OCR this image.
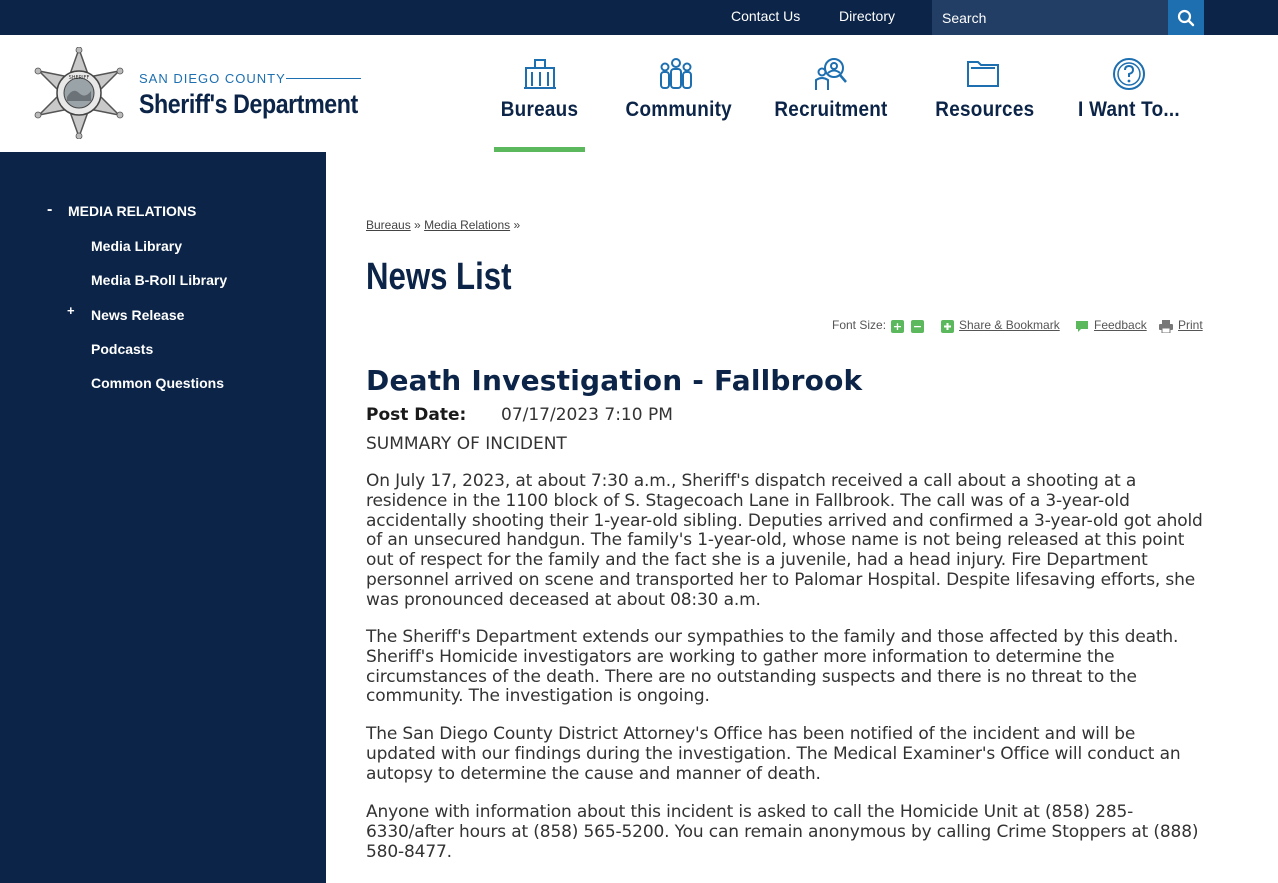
Contact Us	Directory
Search
SHERIFF	SAN DIEGO COUNTY
Sheriff's Department	Bureaus Community Recruitment Resources I Want To...
- MEDIA RELATIONS
Media Library
Media B-Roll Library
+ News Release
Podcasts
Common Questions
Bureaus » Media Relations »
News List
Font Size: + −	Share & Bookmark	Feedback	Print
Death Investigation - Fallbrook
Post Date: 07/17/2023 7:10 PM
SUMMARY OF INCIDENT

On July 17, 2023, at about 7:30 a.m., Sheriff's dispatch received a call about a shooting at a residence in the 1100 block of S. Stagecoach Lane in Fallbrook. The call was of a 3-year-old accidentally shooting their 1-year-old sibling. Deputies arrived and confirmed a 3-year-old got ahold of an unsecured handgun. The family's 1-year-old, whose name is not being released at this point out of respect for the family and the fact she is a juvenile, had a head injury. Fire Department personnel arrived on scene and transported her to Palomar Hospital. Despite lifesaving efforts, she was pronounced deceased at about 08:30 a.m.

The Sheriff's Department extends our sympathies to the family and those affected by this death. Sheriff's Homicide investigators are working to gather more information to determine the circumstances of the death. There are no outstanding suspects and there is no threat to the community. The investigation is ongoing.

The San Diego County District Attorney's Office has been notified of the incident and will be updated with our findings during the investigation. The Medical Examiner's Office will conduct an autopsy to determine the cause and manner of death.

Anyone with information about this incident is asked to call the Homicide Unit at (858) 285-6330/after hours at (858) 565-5200. You can remain anonymous by calling Crime Stoppers at (888) 580-8477.
